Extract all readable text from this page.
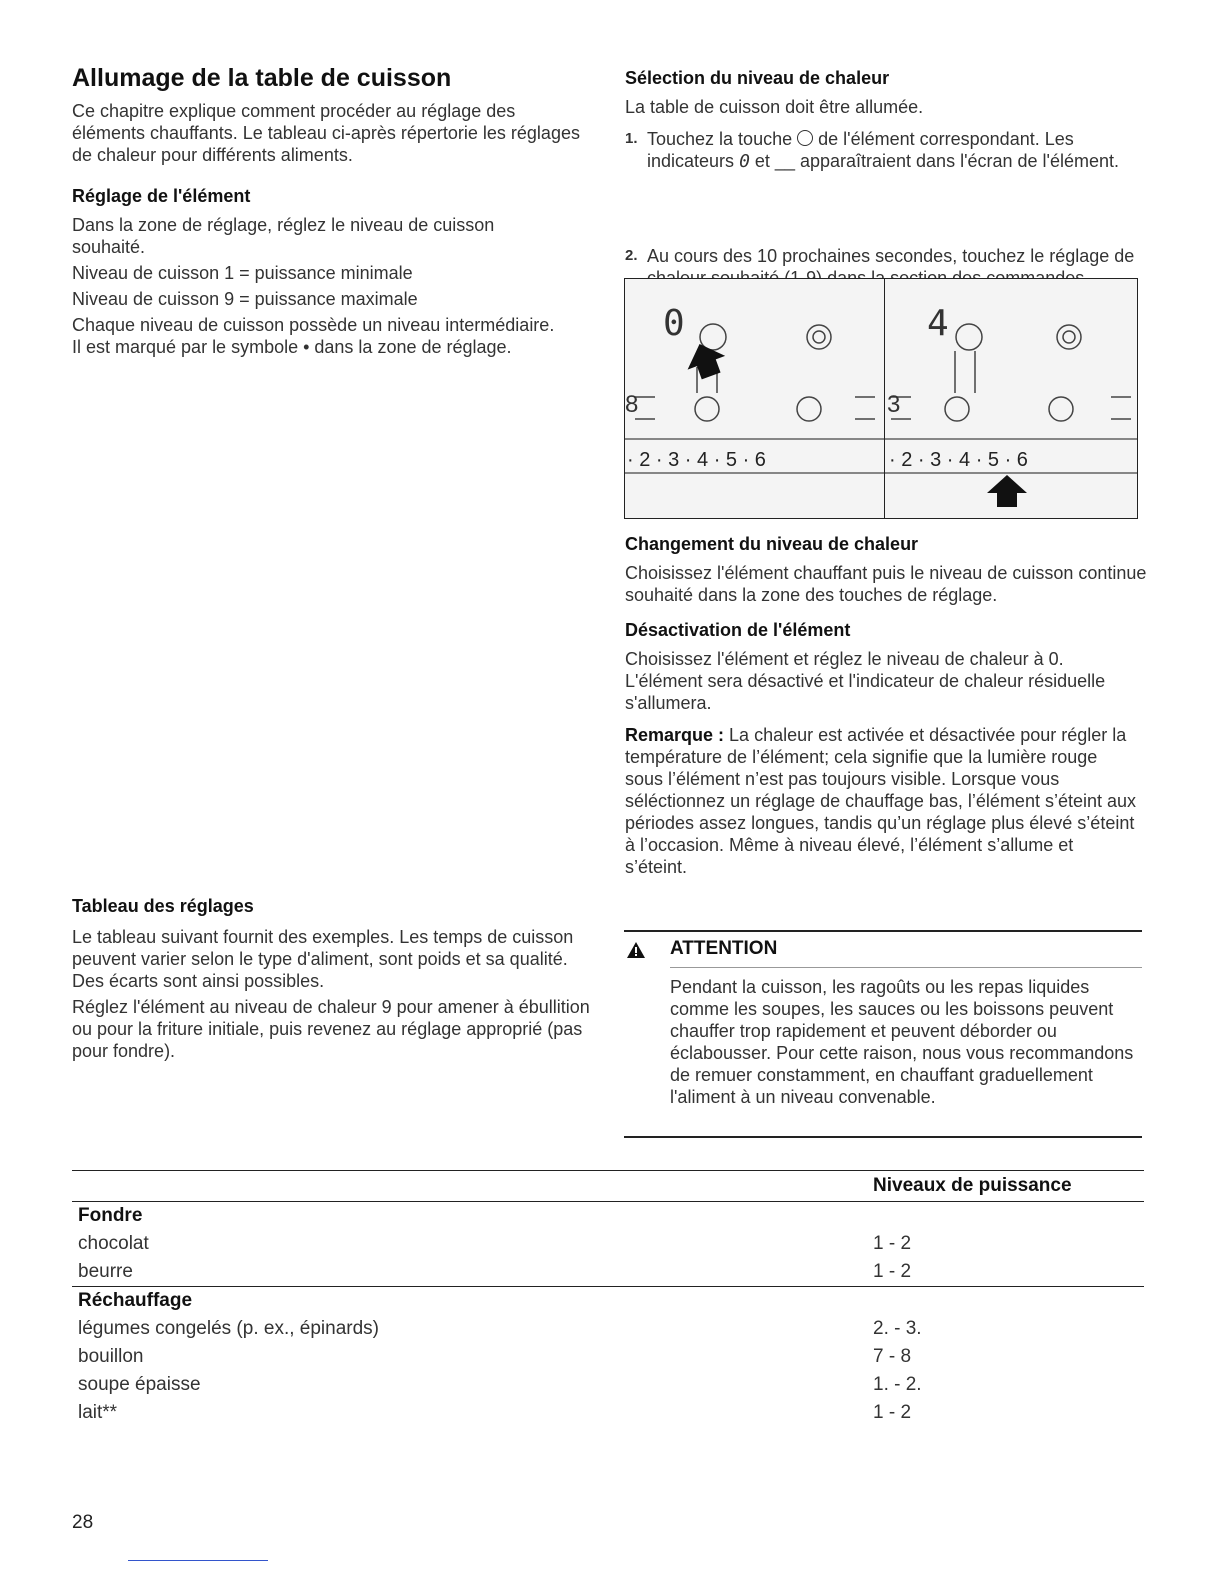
Allumage de la table de cuisson

Ce chapitre explique comment procéder au réglage des éléments chauffants. Le tableau ci-après répertorie les réglages de chaleur pour différents aliments.

Réglage de l'élément

Dans la zone de réglage, réglez le niveau de cuisson souhaité.

Niveau de cuisson 1 = puissance minimale

Niveau de cuisson 9 = puissance maximale

Chaque niveau de cuisson possède un niveau intermédiaire. Il est marqué par le symbole • dans la zone de réglage.

Tableau des réglages

Le tableau suivant fournit des exemples. Les temps de cuisson peuvent varier selon le type d'aliment, sont poids et sa qualité. Des écarts sont ainsi possibles.

Réglez l'élément au niveau de chaleur 9 pour amener à ébullition ou pour la friture initiale, puis revenez au réglage approprié (pas pour fondre).

Sélection du niveau de chaleur

La table de cuisson doit être allumée.

1. Touchez la touche de l'élément correspondant. Les indicateurs 0 et __ apparaîtraient dans l'écran de l'élément.
2. Au cours des 10 prochaines secondes, touchez le réglage de
0
8
· 2 · 3 · 4 · 5 · 6
4
3
· 2 · 3 · 4 · 5 · 6
Changement du niveau de chaleur

Choisissez l'élément chauffant puis le niveau de cuisson continue souhaité dans la zone des touches de réglage.

Désactivation de l'élément

Choisissez l'élément et réglez le niveau de chaleur à 0. L'élément sera désactivé et l'indicateur de chaleur résiduelle s'allumera.

Remarque : La chaleur est activée et désactivée pour régler la température de l’élément; cela signifie que la lumière rouge sous l’élément n’est pas toujours visible. Lorsque vous séléctionnez un réglage de chauffage bas, l’élément s’éteint aux périodes assez longues, tandis qu’un réglage plus élevé s’éteint à l’occasion. Même à niveau élevé, l’élément s’allume et s’éteint.

ATTENTION

Pendant la cuisson, les ragoûts ou les repas liquides comme les soupes, les sauces ou les boissons peuvent chauffer trop rapidement et peuvent déborder ou éclabousser. Pour cette raison, nous vous recommandons de remuer constamment, en chauffant graduellement l'aliment à un niveau convenable.

	Niveaux de puissance
Fondre	
chocolat	1 - 2
beurre	1 - 2
Réchauffage	
légumes congelés (p. ex., épinards)	2. - 3.
bouillon	7 - 8
soupe épaisse	1. - 2.
lait**	1 - 2
28
